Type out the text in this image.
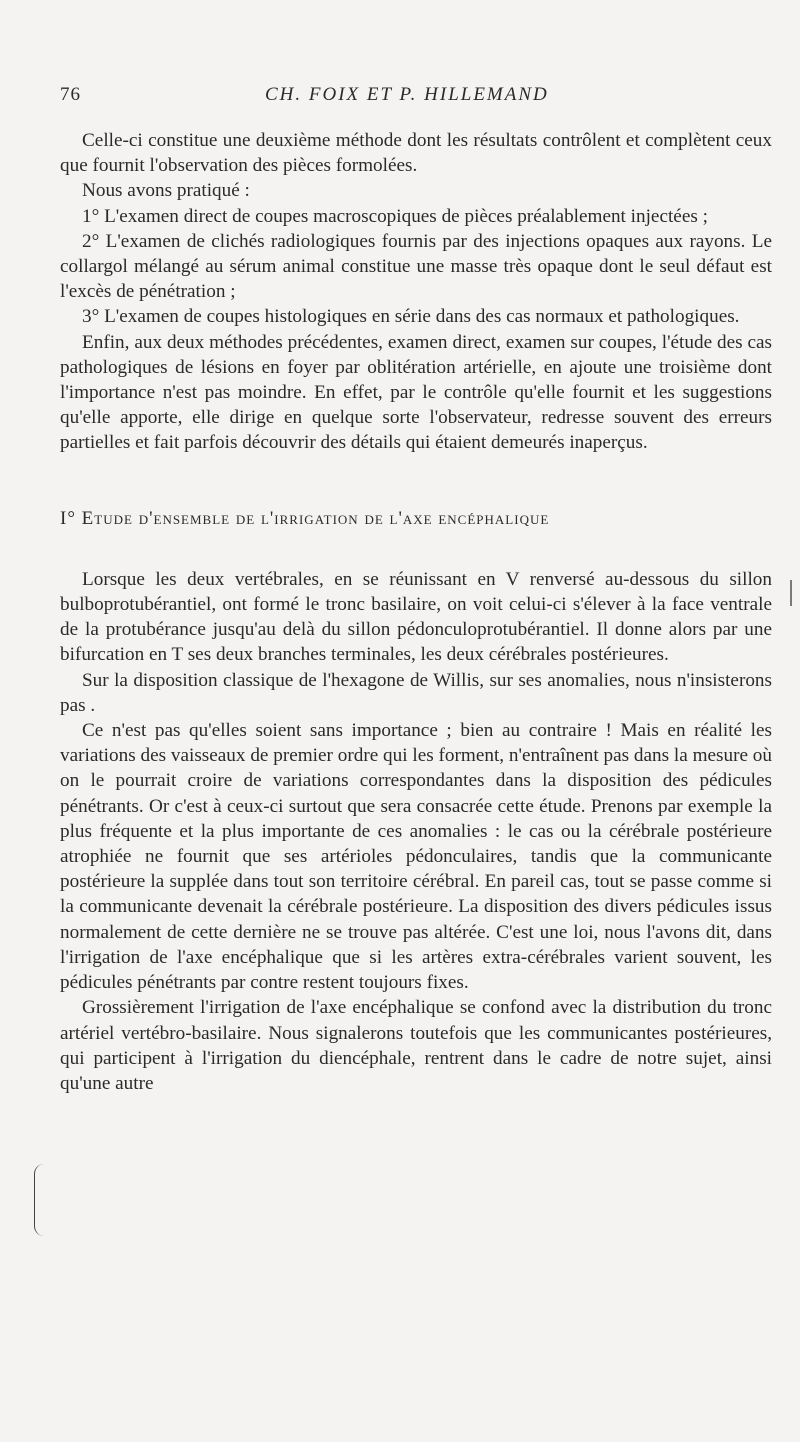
76	CH. FOIX ET P. HILLEMAND

Celle-ci constitue une deuxième méthode dont les résultats contrôlent et complètent ceux que fournit l'observation des pièces formolées.

Nous avons pratiqué :

1° L'examen direct de coupes macroscopiques de pièces préalablement injectées ;

2° L'examen de clichés radiologiques fournis par des injections opaques aux rayons. Le collargol mélangé au sérum animal constitue une masse très opaque dont le seul défaut est l'excès de pénétration ;

3° L'examen de coupes histologiques en série dans des cas normaux et pathologiques.

Enfin, aux deux méthodes précédentes, examen direct, examen sur coupes, l'étude des cas pathologiques de lésions en foyer par oblitération artérielle, en ajoute une troisième dont l'importance n'est pas moindre. En effet, par le contrôle qu'elle fournit et les suggestions qu'elle apporte, elle dirige en quelque sorte l'observateur, redresse souvent des erreurs partielles et fait parfois découvrir des détails qui étaient demeurés inaperçus.

I° Etude d'ensemble de l'irrigation de l'axe encéphalique

Lorsque les deux vertébrales, en se réunissant en V renversé au-dessous du sillon bulboprotubérantiel, ont formé le tronc basilaire, on voit celui-ci s'élever à la face ventrale de la protubérance jusqu'au delà du sillon pédonculoprotubérantiel. Il donne alors par une bifurcation en T ses deux branches terminales, les deux cérébrales postérieures.

Sur la disposition classique de l'hexagone de Willis, sur ses anomalies, nous n'insisterons pas .

Ce n'est pas qu'elles soient sans importance ; bien au contraire ! Mais en réalité les variations des vaisseaux de premier ordre qui les forment, n'entraînent pas dans la mesure où on le pourrait croire de variations correspondantes dans la disposition des pédicules pénétrants. Or c'est à ceux-ci surtout que sera consacrée cette étude. Prenons par exemple la plus fréquente et la plus importante de ces anomalies : le cas ou la cérébrale postérieure atrophiée ne fournit que ses artérioles pédonculaires, tandis que la communicante postérieure la supplée dans tout son territoire cérébral. En pareil cas, tout se passe comme si la communicante devenait la cérébrale postérieure. La disposition des divers pédicules issus normalement de cette dernière ne se trouve pas altérée. C'est une loi, nous l'avons dit, dans l'irrigation de l'axe encéphalique que si les artères extra-cérébrales varient souvent, les pédicules pénétrants par contre restent toujours fixes.

Grossièrement l'irrigation de l'axe encéphalique se confond avec la distribution du tronc artériel vertébro-basilaire. Nous signalerons toutefois que les communicantes postérieures, qui participent à l'irrigation du diencéphale, rentrent dans le cadre de notre sujet, ainsi qu'une autre
